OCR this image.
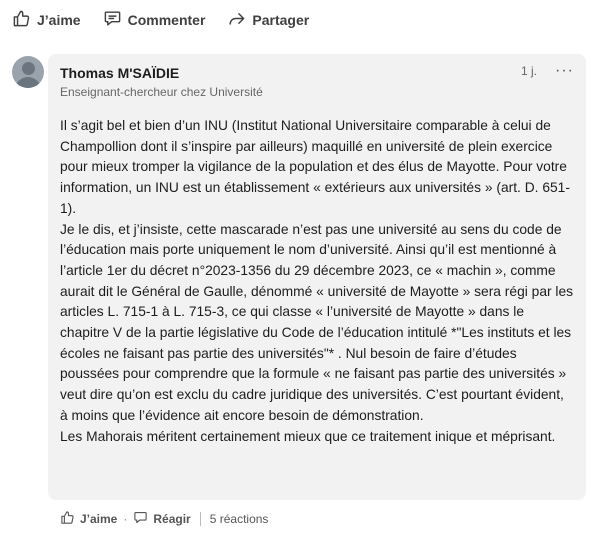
J’aime	Commenter	Partager
Thomas M'SAÏDIE
Enseignant-chercheur chez Université
1 j. ···

Il s’agit bel et bien d’un INU (Institut National Universitaire comparable à celui de Champollion dont il s’inspire par ailleurs) maquillé en université de plein exercice pour mieux tromper la vigilance de la population et des élus de Mayotte. Pour votre information, un INU est un établissement « extérieurs aux universités » (art. D. 651-1).

Je le dis, et j’insiste, cette mascarade n’est pas une université au sens du code de l’éducation mais porte uniquement le nom d’université. Ainsi qu’il est mentionné à l’article 1er du décret n°2023-1356 du 29 décembre 2023, ce « machin », comme aurait dit le Général de Gaulle, dénommé « université de Mayotte » sera régi par les articles L. 715-1 à L. 715-3, ce qui classe « l’université de Mayotte » dans le chapitre V de la partie législative du Code de l’éducation intitulé *"Les instituts et les écoles ne faisant pas partie des universités"* . Nul besoin de faire d’études poussées pour comprendre que la formule « ne faisant pas partie des universités » veut dire qu’on est exclu du cadre juridique des universités. C’est pourtant évident, à moins que l’évidence ait encore besoin de démonstration.

Les Mahorais méritent certainement mieux que ce traitement inique et méprisant.

J’aime · Réagir 5 réactions
